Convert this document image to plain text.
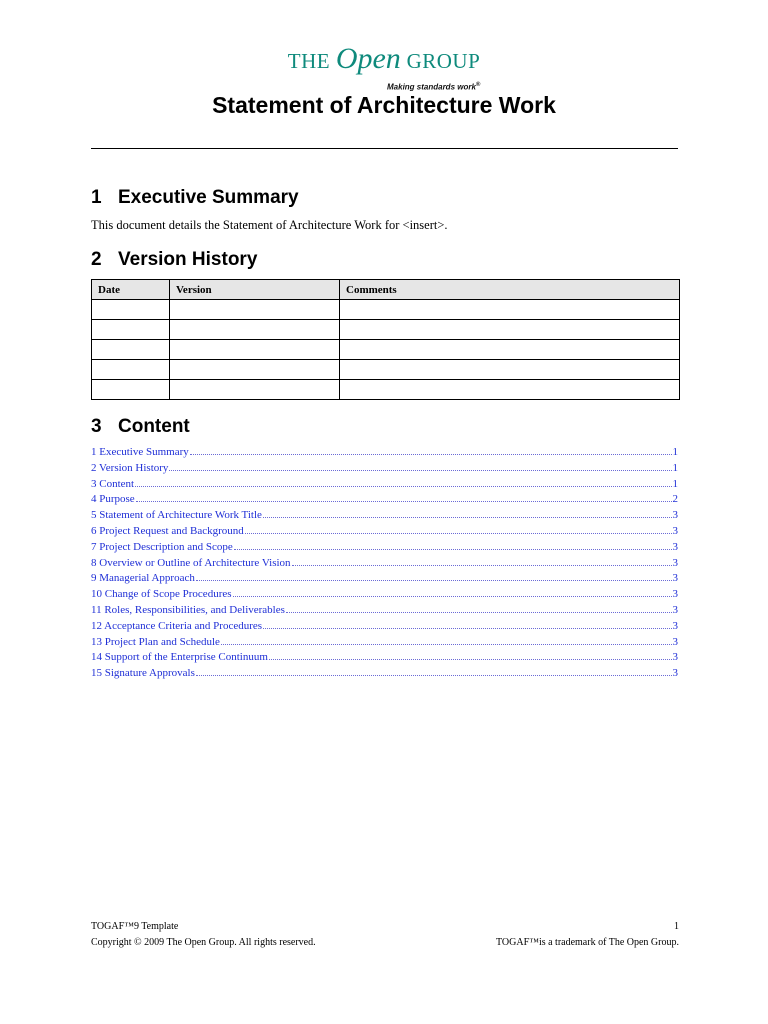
THE Open GROUP
Making standards work®
Statement of Architecture Work
1 Executive Summary
This document details the Statement of Architecture Work for <insert>.
2 Version History
Date	Version	Comments

3 Content
1 Executive Summary	1
2 Version History	1
3 Content	1
4 Purpose	2
5 Statement of Architecture Work Title	3
6 Project Request and Background	3
7 Project Description and Scope	3
8 Overview or Outline of Architecture Vision	3
9 Managerial Approach	3
10 Change of Scope Procedures	3
11 Roles, Responsibilities, and Deliverables	3
12 Acceptance Criteria and Procedures	3
13 Project Plan and Schedule	3
14 Support of the Enterprise Continuum	3
15 Signature Approvals	3
TOGAF™9 Template	1
Copyright © 2009 The Open Group. All rights reserved.	TOGAF™is a trademark of The Open Group.
